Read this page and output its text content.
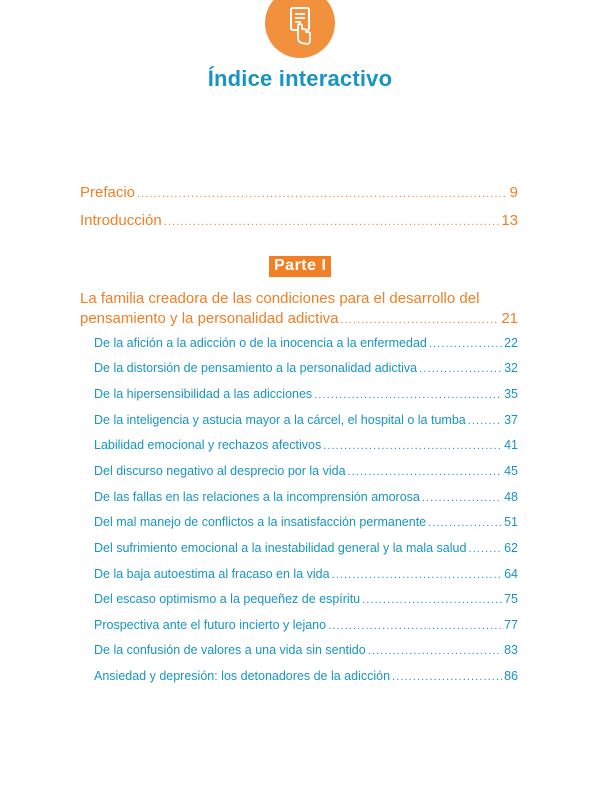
Índice interactivo
Prefacio .....	9
Introducción .....	13
Parte I
La familia creadora de las condiciones para el desarrollo del
pensamiento y la personalidad adictiva .....	21
De la afición a la adicción o de la inocencia a la enfermedad .....	22
De la distorsión de pensamiento a la personalidad adictiva .....	32
De la hipersensibilidad a las adicciones .....	35
De la inteligencia y astucia mayor a la cárcel, el hospital o la tumba .....	37
Labilidad emocional y rechazos afectivos .....	41
Del discurso negativo al desprecio por la vida .....	45
De las fallas en las relaciones a la incomprensión amorosa .....	48
Del mal manejo de conflictos a la insatisfacción permanente .....	51
Del sufrimiento emocional a la inestabilidad general y la mala salud .....	62
De la baja autoestima al fracaso en la vida .....	64
Del escaso optimismo a la pequeñez de espíritu .....	75
Prospectiva ante el futuro incierto y lejano .....	77
De la confusión de valores a una vida sin sentido .....	83
Ansiedad y depresión: los detonadores de la adicción .....	86
